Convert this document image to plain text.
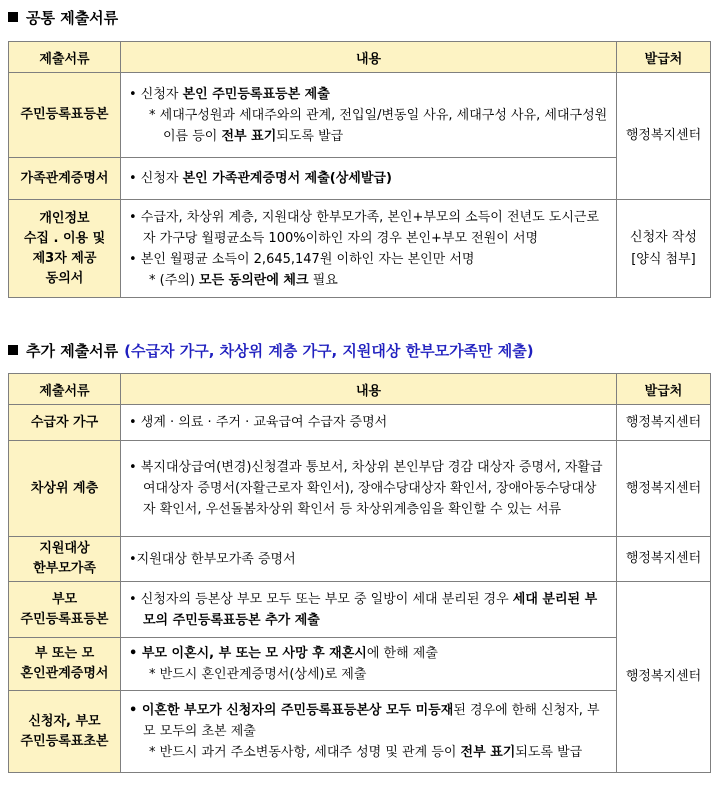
공통 제출서류
제출서류	내용	발급처
주민등록표등본	• 신청자 본인 주민등록표등본 제출
* 세대구성원과 세대주와의 관계, 전입일/변동일 사유, 세대구성 사유, 세대구성원 이름 등이 전부 표기되도록 발급	행정복지센터
가족관계증명서	• 신청자 본인 가족관계증명서 제출(상세발급)	

개인정보
수집 . 이용 및
제3자 제공
동의서	• 수급자, 차상위 계층, 지원대상 한부모가족, 본인+부모의 소득이 전년도 도시근로자 가구당 월평균소득 100%이하인 자의 경우 본인+부모 전원이 서명
• 본인 월평균 소득이 2,645,147원 이하인 자는 본인만 서명
* (주의) 모든 동의란에 체크 필요	신청자 작성
[양식 첨부]
추가 제출서류 (수급자 가구, 차상위 계층 가구, 지원대상 한부모가족만 제출)
제출서류	내용	발급처
수급자 가구	• 생계 · 의료 · 주거 · 교육급여 수급자 증명서	행정복지센터
차상위 계층	• 복지대상급여(변경)신청결과 통보서, 차상위 본인부담 경감 대상자 증명서, 자활급여대상자 증명서(자활근로자 확인서), 장애수당대상자 확인서, 장애아동수당대상자 확인서, 우선돌봄차상위 확인서 등 차상위계층임을 확인할 수 있는 서류	행정복지센터

지원대상
한부모가족	•지원대상 한부모가족 증명서	행정복지센터

부모
주민등록표등본	• 신청자의 등본상 부모 모두 또는 부모 중 일방이 세대 분리된 경우 세대 분리된 부모의 주민등록표등본 추가 제출	행정복지센터

부 또는 모
혼인관계증명서	• 부모 이혼시, 부 또는 모 사망 후 재혼시에 한해 제출
* 반드시 혼인관계증명서(상세)로 제출	

신청자, 부모
주민등록표초본	• 이혼한 부모가 신청자의 주민등록표등본상 모두 미등재된 경우에 한해 신청자, 부모 모두의 초본 제출
* 반드시 과거 주소변동사항, 세대주 성명 및 관계 등이 전부 표기되도록 발급	
